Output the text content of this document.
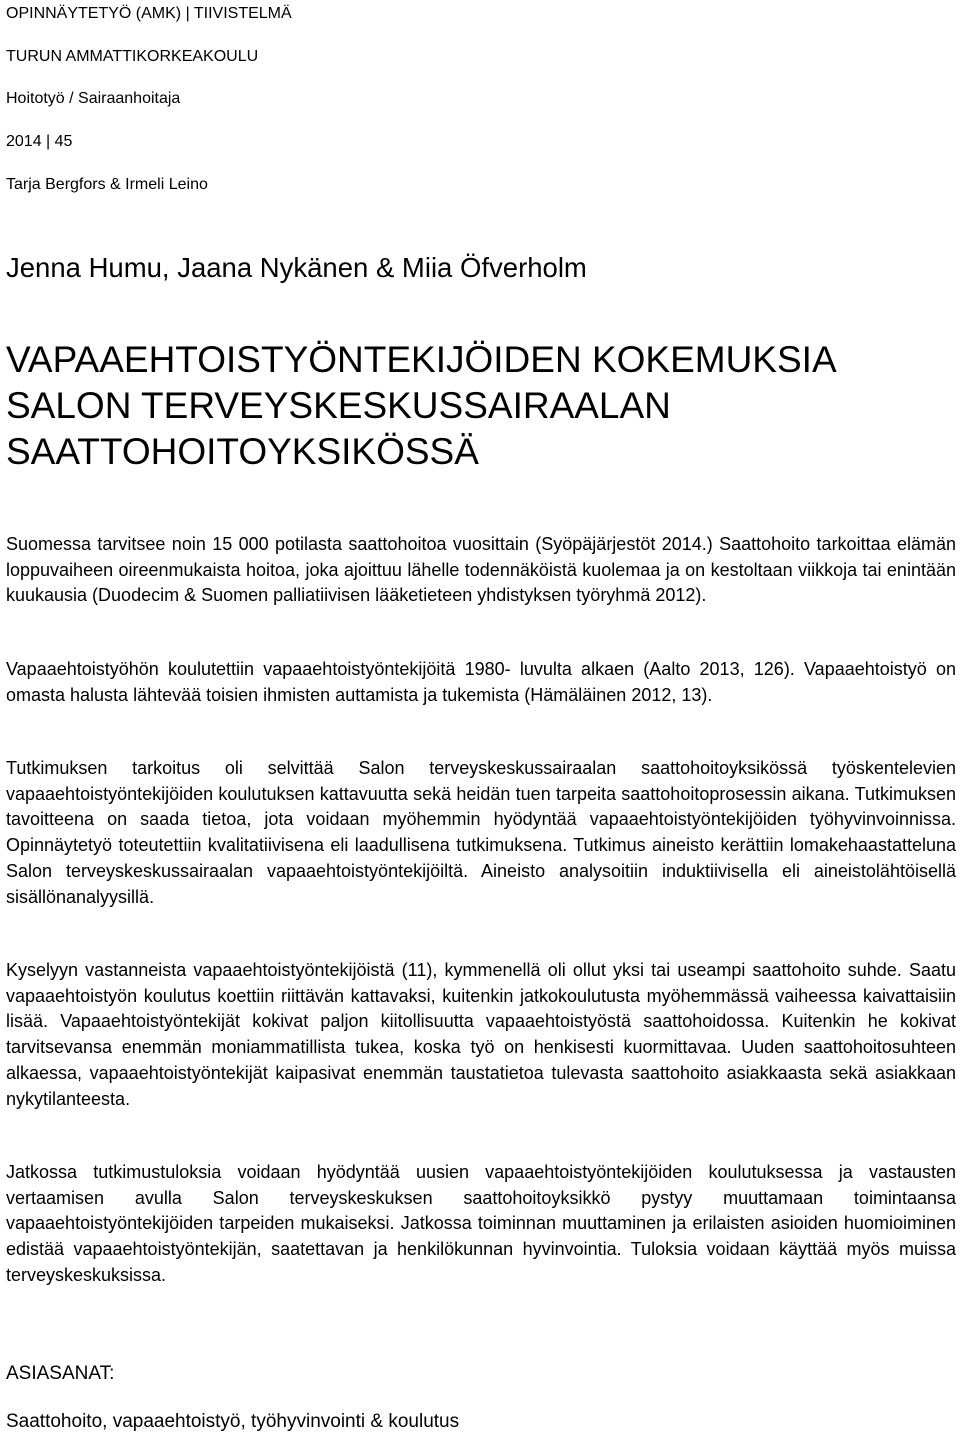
OPINNÄYTETYÖ (AMK) | TIIVISTELMÄ
TURUN AMMATTIKORKEAKOULU
Hoitotyö / Sairaanhoitaja
2014 | 45
Tarja Bergfors & Irmeli Leino
Jenna Humu, Jaana Nykänen & Miia Öfverholm
VAPAAEHTOISTYÖNTEKIJÖIDEN KOKEMUKSIA
SALON TERVEYSKESKUSSAIRAALAN
SAATTOHOITOYKSIKÖSSÄ

Suomessa tarvitsee noin 15 000 potilasta saattohoitoa vuosittain (Syöpäjärjestöt 2014.) Saattohoito tarkoittaa elämän loppuvaiheen oireenmukaista hoitoa, joka ajoittuu lähelle todennäköistä kuolemaa ja on kestoltaan viikkoja tai enintään kuukausia (Duodecim & Suomen palliatiivisen lääketieteen yhdistyksen työryhmä 2012).

Vapaaehtoistyöhön koulutettiin vapaaehtoistyöntekijöitä 1980- luvulta alkaen (Aalto 2013, 126). Vapaaehtoistyö on omasta halusta lähtevää toisien ihmisten auttamista ja tukemista (Hämäläinen 2012, 13).

Tutkimuksen tarkoitus oli selvittää Salon terveyskeskussairaalan saattohoitoyksikössä työskentelevien vapaaehtoistyöntekijöiden koulutuksen kattavuutta sekä heidän tuen tarpeita saattohoitoprosessin aikana. Tutkimuksen tavoitteena on saada tietoa, jota voidaan myöhemmin hyödyntää vapaaehtoistyöntekijöiden työhyvinvoinnissa. Opinnäytetyö toteutettiin kvalitatiivisena eli laadullisena tutkimuksena. Tutkimus aineisto kerättiin lomakehaastatteluna Salon terveyskeskussairaalan vapaaehtoistyöntekijöiltä. Aineisto analysoitiin induktiivisella eli aineistolähtöisellä sisällönanalyysillä.

Kyselyyn vastanneista vapaaehtoistyöntekijöistä (11), kymmenellä oli ollut yksi tai useampi saattohoito suhde. Saatu vapaaehtoistyön koulutus koettiin riittävän kattavaksi, kuitenkin jatkokoulutusta myöhemmässä vaiheessa kaivattaisiin lisää. Vapaaehtoistyöntekijät kokivat paljon kiitollisuutta vapaaehtoistyöstä saattohoidossa. Kuitenkin he kokivat tarvitsevansa enemmän moniammatillista tukea, koska työ on henkisesti kuormittavaa. Uuden saattohoitosuhteen alkaessa, vapaaehtoistyöntekijät kaipasivat enemmän taustatietoa tulevasta saattohoito asiakkaasta sekä asiakkaan nykytilanteesta.

Jatkossa tutkimustuloksia voidaan hyödyntää uusien vapaaehtoistyöntekijöiden koulutuksessa ja vastausten vertaamisen avulla Salon terveyskeskuksen saattohoitoyksikkö pystyy muuttamaan toimintaansa vapaaehtoistyöntekijöiden tarpeiden mukaiseksi. Jatkossa toiminnan muuttaminen ja erilaisten asioiden huomioiminen edistää vapaaehtoistyöntekijän, saatettavan ja henkilökunnan hyvinvointia. Tuloksia voidaan käyttää myös muissa terveyskeskuksissa.

ASIASANAT:
Saattohoito, vapaaehtoistyö, työhyvinvointi & koulutus
